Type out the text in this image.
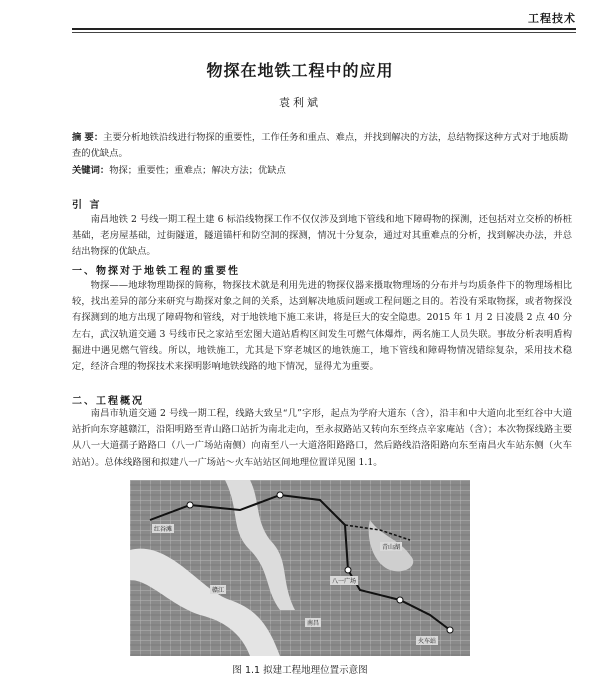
工程技术
物探在地铁工程中的应用
袁利斌
摘 要：主要分析地铁沿线进行物探的重要性，工作任务和重点、难点，并找到解决的方法，总结物探这种方式对于地质勘查的优缺点。
关键词：物探；重要性；重难点；解决方法；优缺点
引 言

南昌地铁 2 号线一期工程土建 6 标沿线物探工作不仅仅涉及到地下管线和地下障碍物的探测，还包括对立交桥的桥桩基础，老房屋基础，过街隧道，隧道锚杆和防空洞的探测，情况十分复杂，通过对其重难点的分析，找到解决办法，并总结出物探的优缺点。

一、物探对于地铁工程的重要性

物探——地球物理勘探的简称，物探技术就是利用先进的物探仪器来摄取物理场的分布并与均质条件下的物理场相比较，找出差异的部分来研究与勘探对象之间的关系，达到解决地质问题或工程问题之目的。若没有采取物探，或者物探没有探测到的地方出现了障碍物和管线，对于地铁地下施工来讲，将是巨大的安全隐患。2015 年 1 月 2 日凌晨 2 点 40 分左右，武汉轨道交通 3 号线市民之家站至宏图大道站盾构区间发生可燃气体爆炸，两名施工人员失联。事故分析表明盾构掘进中遇见燃气管线。所以，地铁施工，尤其是下穿老城区的地铁施工，地下管线和障碍物情况错综复杂，采用技术稳定，经济合理的物探技术来探明影响地铁线路的地下情况，显得尤为重要。

二、工程概况

南昌市轨道交通 2 号线一期工程，线路大致呈“几”字形，起点为学府大道东（含），沿丰和中大道向北至红谷中大道站折向东穿越赣江，沿阳明路至青山路口站折为南北走向，至永叔路站又转向东至终点辛家庵站（含）；本次物探线路主要从八一大道孺子路路口（八一广场站南侧）向南至八一大道洛阳路路口，然后路线沿洛阳路向东至南昌火车站东侧（火车站站）。总体线路图和拟建八一广场站～火车站站区间地理位置详见图 1.1。

红谷滩
八一广场
赣江
青山湖
火车站
南昌
图 1.1 拟建工程地理位置示意图
